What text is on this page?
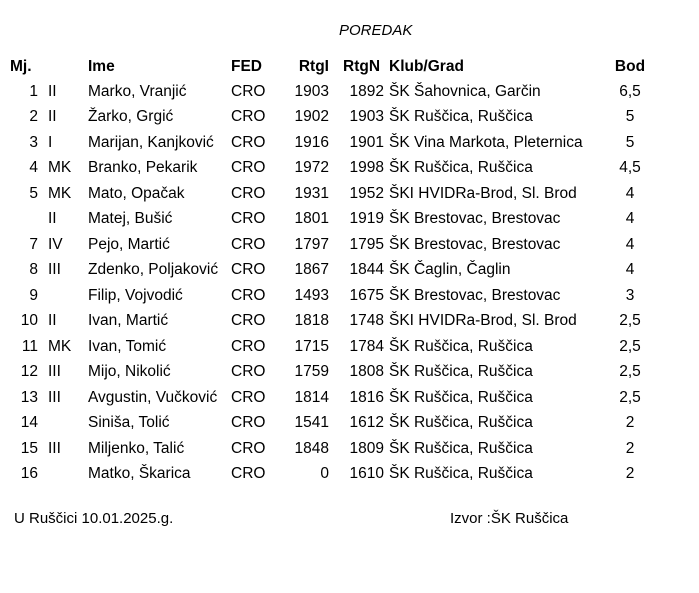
POREDAK
Mj.		Ime	FED	RtgI	RtgN	Klub/Grad	Bod
1	II	Marko, Vranjić	CRO	1903	1892	ŠK Šahovnica, Garčin	6,5
2	II	Žarko, Grgić	CRO	1902	1903	ŠK Ruščica, Ruščica	5
3	I	Marijan, Kanjković	CRO	1916	1901	ŠK Vina Markota, Pleternica	5
4	MK	Branko, Pekarik	CRO	1972	1998	ŠK Ruščica, Ruščica	4,5
5	MK	Mato, Opačak	CRO	1931	1952	ŠKI HVIDRa-Brod, Sl. Brod	4
	II	Matej, Bušić	CRO	1801	1919	ŠK Brestovac, Brestovac	4
7	IV	Pejo, Martić	CRO	1797	1795	ŠK Brestovac, Brestovac	4
8	III	Zdenko, Poljaković	CRO	1867	1844	ŠK Čaglin, Čaglin	4
9		Filip, Vojvodić	CRO	1493	1675	ŠK Brestovac, Brestovac	3
10	II	Ivan, Martić	CRO	1818	1748	ŠKI HVIDRa-Brod, Sl. Brod	2,5
11	MK	Ivan, Tomić	CRO	1715	1784	ŠK Ruščica, Ruščica	2,5
12	III	Mijo, Nikolić	CRO	1759	1808	ŠK Ruščica, Ruščica	2,5
13	III	Avgustin, Vučković	CRO	1814	1816	ŠK Ruščica, Ruščica	2,5
14		Siniša, Tolić	CRO	1541	1612	ŠK Ruščica, Ruščica	2
15	III	Miljenko, Talić	CRO	1848	1809	ŠK Ruščica, Ruščica	2
16		Matko, Škarica	CRO	0	1610	ŠK Ruščica, Ruščica	2
U Ruščici 10.01.2025.g.	Izvor :ŠK Ruščica
